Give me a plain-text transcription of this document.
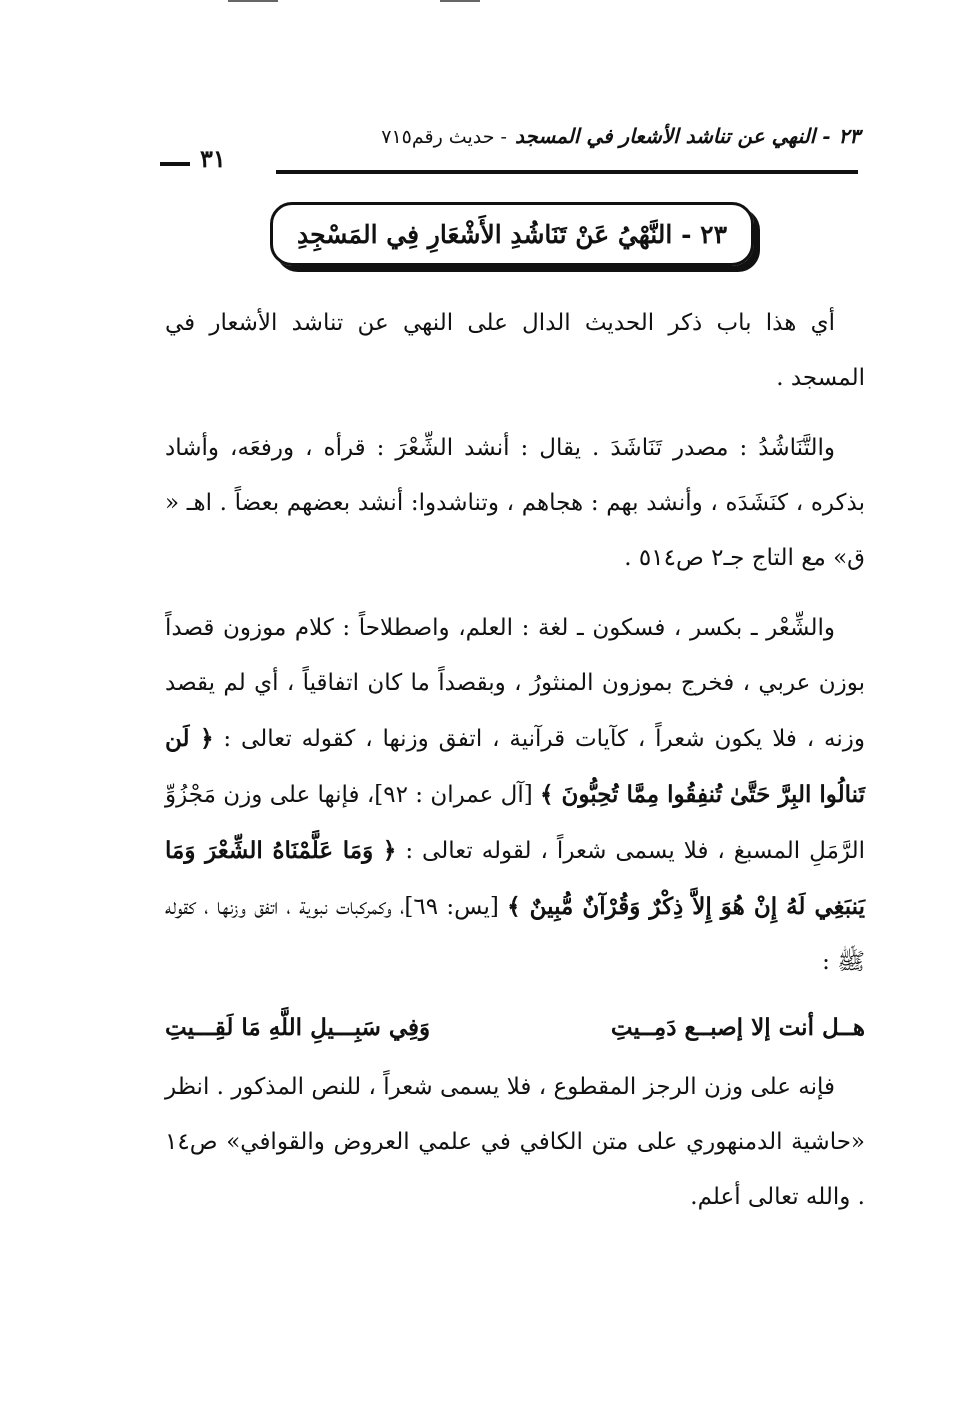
٢٣
- النهي عن تناشد الأشعار في المسجد
- حديث رقم٧١٥
٣١
٢٣ - النَّهْيُ عَنْ تَنَاشُدِ الأَشْعَارِ فِي المَسْجِدِ

أي هذا باب ذكر الحديث الدال على النهي عن تناشد الأشعار في المسجد .

والتَّنَاشُدُ : مصدر تَنَاشَدَ . يقال : أنشد الشِّعْرَ : قرأه ، ورفعَه، وأشاد بذكره ، كنَشَدَه ، وأنشد بهم : هجاهم ، وتناشدوا: أنشد بعضهم بعضاً . اهـ « ق» مع التاج جـ٢ ص٥١٤ .

والشِّعْر ـ بكسر ، فسكون ـ لغة : العلم، واصطلاحاً : كلام موزون قصداً بوزن عربي ، فخرج بموزون المنثورُ ، وبقصداً ما كان اتفاقياً ، أي لم يقصد وزنه ، فلا يكون شعراً ، كآيات قرآنية ، اتفق وزنها ، كقوله تعالى : ﴿ لَن تَنالُوا البِرَّ حَتَّىٰ تُنفِقُوا مِمَّا تُحِبُّونَ ﴾ [آل عمران : ٩٢]، فإنها على وزن مَجْزُوِّ الرَّمَلِ المسبغ ، فلا يسمى شعراً ، لقوله تعالى : ﴿ وَمَا عَلَّمْنَاهُ الشِّعْرَ وَمَا يَنبَغِي لَهُ إِنْ هُوَ إِلاَّ ذِكْرٌ وَقُرْآنٌ مُّبِينٌ ﴾ [يس: ٦٩]، وكمركبات نبوية ، اتفق وزنها ، كقوله ﷺ :

هــل أنت إلا إصبــع دَمِــيتِ
وَفِي سَبِـــيلِ اللَّهِ مَا لَقِـــيتِ

فإنه على وزن الرجز المقطوع ، فلا يسمى شعراً ، للنص المذكور . انظر «حاشية الدمنهوري على متن الكافي في علمي العروض والقوافي» ص١٤ . والله تعالى أعلم.
